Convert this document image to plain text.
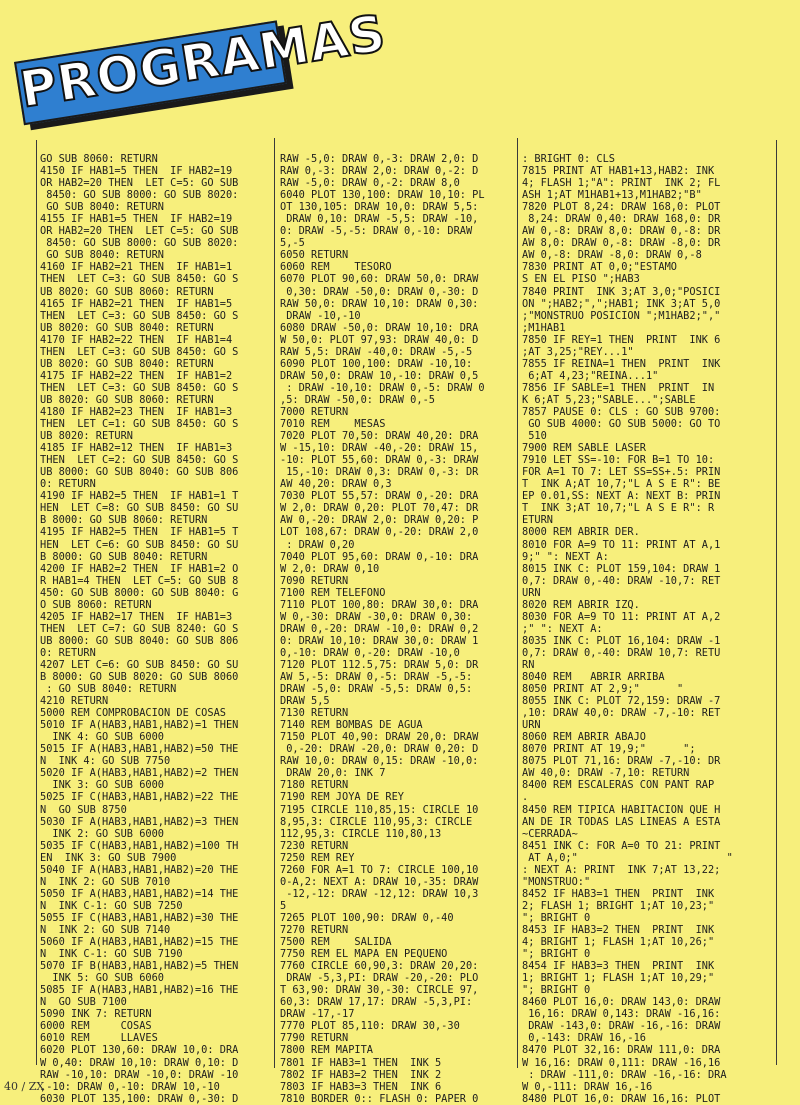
PROGRAMAS
GO SUB 8060: RETURN
4150 IF HAB1=5 THEN  IF HAB2=19
OR HAB2=20 THEN  LET C=5: GO SUB
8450: GO SUB 8000: GO SUB 8020:
GO SUB 8040: RETURN
4155 IF HAB1=5 THEN  IF HAB2=19
OR HAB2=20 THEN  LET C=5: GO SUB
8450: GO SUB 8000: GO SUB 8020:
GO SUB 8040: RETURN
4160 IF HAB2=21 THEN  IF HAB1=1
THEN  LET C=3: GO SUB 8450: GO S
UB 8020: GO SUB 8060: RETURN
4165 IF HAB2=21 THEN  IF HAB1=5
THEN  LET C=3: GO SUB 8450: GO S
UB 8020: GO SUB 8040: RETURN
4170 IF HAB2=22 THEN  IF HAB1=4
THEN  LET C=3: GO SUB 8450: GO S
UB 8020: GO SUB 8040: RETURN
4175 IF HAB2=22 THEN  IF HAB1=2
THEN  LET C=3: GO SUB 8450: GO S
UB 8020: GO SUB 8060: RETURN
4180 IF HAB2=23 THEN  IF HAB1=3
THEN  LET C=1: GO SUB 8450: GO S
UB 8020: RETURN
4185 IF HAB2=12 THEN  IF HAB1=3
THEN  LET C=2: GO SUB 8450: GO S
UB 8000: GO SUB 8040: GO SUB 806
0: RETURN
4190 IF HAB2=5 THEN  IF HAB1=1 T
HEN  LET C=8: GO SUB 8450: GO SU
B 8000: GO SUB 8060: RETURN
4195 IF HAB2=5 THEN  IF HAB1=5 T
HEN  LET C=6: GO SUB 8450: GO SU
B 8000: GO SUB 8040: RETURN
4200 IF HAB2=2 THEN  IF HAB1=2 O
R HAB1=4 THEN  LET C=5: GO SUB 8
450: GO SUB 8000: GO SUB 8040: G
O SUB 8060: RETURN
4205 IF HAB2=17 THEN  IF HAB1=3
THEN  LET C=7: GO SUB 8240: GO S
UB 8000: GO SUB 8040: GO SUB 806
0: RETURN
4207 LET C=6: GO SUB 8450: GO SU
B 8000: GO SUB 8020: GO SUB 8060
: GO SUB 8040: RETURN
4210 RETURN
5000 REM COMPROBACION DE COSAS
5010 IF A(HAB3,HAB1,HAB2)=1 THEN
INK 4: GO SUB 6000
5015 IF A(HAB3,HAB1,HAB2)=50 THE
N  INK 4: GO SUB 7750
5020 IF A(HAB3,HAB1,HAB2)=2 THEN
INK 3: GO SUB 6000
5025 IF C(HAB3,HAB1,HAB2)=22 THE
N  GO SUB 8750
5030 IF A(HAB3,HAB1,HAB2)=3 THEN
INK 2: GO SUB 6000
5035 IF C(HAB3,HAB1,HAB2)=100 TH
EN  INK 3: GO SUB 7900
5040 IF A(HAB3,HAB1,HAB2)=20 THE
N  INK 2: GO SUB 7010
5050 IF A(HAB3,HAB1,HAB2)=14 THE
N  INK C-1: GO SUB 7250
5055 IF C(HAB3,HAB1,HAB2)=30 THE
N  INK 2: GO SUB 7140
5060 IF A(HAB3,HAB1,HAB2)=15 THE
N  INK C-1: GO SUB 7190
5070 IF B(HAB3,HAB1,HAB2)=5 THEN
INK 5: GO SUB 6060
5085 IF A(HAB3,HAB1,HAB2)=16 THE
N  GO SUB 7100
5090 INK 7: RETURN
6000 REM     COSAS
6010 REM     LLAVES
6020 PLOT 130,60: DRAW 10,0: DRA
W 0,40: DRAW 10,10: DRAW 0,10: D
RAW -10,10: DRAW -10,0: DRAW -10
,-10: DRAW 0,-10: DRAW 10,-10
6030 PLOT 135,100: DRAW 0,-30: D
RAW -5,0: DRAW 0,-3: DRAW 2,0: D
RAW 0,-3: DRAW 2,0: DRAW 0,-2: D
RAW -5,0: DRAW 0,-2: DRAW 8,0
6040 PLOT 130,100: DRAW 10,10: PL
OT 130,105: DRAW 10,0: DRAW 5,5:
DRAW 0,10: DRAW -5,5: DRAW -10,
0: DRAW -5,-5: DRAW 0,-10: DRAW
5,-5
6050 RETURN
6060 REM    TESORO
6070 PLOT 90,60: DRAW 50,0: DRAW
0,30: DRAW -50,0: DRAW 0,-30: D
RAW 50,0: DRAW 10,10: DRAW 0,30:
DRAW -10,-10
6080 DRAW -50,0: DRAW 10,10: DRA
W 50,0: PLOT 97,93: DRAW 40,0: D
RAW 5,5: DRAW -40,0: DRAW -5,-5
6090 PLOT 100,100: DRAW -10,10:
DRAW 50,0: DRAW 10,-10: DRAW 0,5
: DRAW -10,10: DRAW 0,-5: DRAW 0
,5: DRAW -50,0: DRAW 0,-5
7000 RETURN
7010 REM    MESAS
7020 PLOT 70,50: DRAW 40,20: DRA
W -15,10: DRAW -40,-20: DRAW 15,
-10: PLOT 55,60: DRAW 0,-3: DRAW
15,-10: DRAW 0,3: DRAW 0,-3: DR
AW 40,20: DRAW 0,3
7030 PLOT 55,57: DRAW 0,-20: DRA
W 2,0: DRAW 0,20: PLOT 70,47: DR
AW 0,-20: DRAW 2,0: DRAW 0,20: P
LOT 108,67: DRAW 0,-20: DRAW 2,0
: DRAW 0,20
7040 PLOT 95,60: DRAW 0,-10: DRA
W 2,0: DRAW 0,10
7090 RETURN
7100 REM TELEFONO
7110 PLOT 100,80: DRAW 30,0: DRA
W 0,-30: DRAW -30,0: DRAW 0,30:
DRAW 0,-20: DRAW -10,0: DRAW 0,2
0: DRAW 10,10: DRAW 30,0: DRAW 1
0,-10: DRAW 0,-20: DRAW -10,0
7120 PLOT 112.5,75: DRAW 5,0: DR
AW 5,-5: DRAW 0,-5: DRAW -5,-5:
DRAW -5,0: DRAW -5,5: DRAW 0,5:
DRAW 5,5
7130 RETURN
7140 REM BOMBAS DE AGUA
7150 PLOT 40,90: DRAW 20,0: DRAW
0,-20: DRAW -20,0: DRAW 0,20: D
RAW 10,0: DRAW 0,15: DRAW -10,0:
DRAW 20,0: INK 7
7180 RETURN
7190 REM JOYA DE REY
7195 CIRCLE 110,85,15: CIRCLE 10
8,95,3: CIRCLE 110,95,3: CIRCLE
112,95,3: CIRCLE 110,80,13
7230 RETURN
7250 REM REY
7260 FOR A=1 TO 7: CIRCLE 100,10
0-A,2: NEXT A: DRAW 10,-35: DRAW
-12,-12: DRAW -12,12: DRAW 10,3
5
7265 PLOT 100,90: DRAW 0,-40
7270 RETURN
7500 REM    SALIDA
7750 REM EL MAPA EN PEQUENO
7760 CIRCLE 60,90,3: DRAW 20,20:
DRAW -5,3,PI: DRAW -20,-20: PLO
T 63,90: DRAW 30,-30: CIRCLE 97,
60,3: DRAW 17,17: DRAW -5,3,PI:
DRAW -17,-17
7770 PLOT 85,110: DRAW 30,-30
7790 RETURN
7800 REM MAPITA
7801 IF HAB3=1 THEN  INK 5
7802 IF HAB3=2 THEN  INK 2
7803 IF HAB3=3 THEN  INK 6
7810 BORDER 0:: FLASH 0: PAPER 0
: BRIGHT 0: CLS
7815 PRINT AT HAB1+13,HAB2: INK
4; FLASH 1;"A": PRINT  INK 2; FL
ASH 1;AT M1HAB1+13,M1HAB2;"B"
7820 PLOT 8,24: DRAW 168,0: PLOT
8,24: DRAW 0,40: DRAW 168,0: DR
AW 0,-8: DRAW 8,0: DRAW 0,-8: DR
AW 8,0: DRAW 0,-8: DRAW -8,0: DR
AW 0,-8: DRAW -8,0: DRAW 0,-8
7830 PRINT AT 0,0;"ESTAMO
S EN EL PISO ";HAB3
7840 PRINT  INK 3;AT 3,0;"POSICI
ON ";HAB2;",";HAB1; INK 3;AT 5,0
;"MONSTRUO POSICION ";M1HAB2;","
;M1HAB1
7850 IF REY=1 THEN  PRINT  INK 6
;AT 3,25;"REY...1"
7855 IF REINA=1 THEN  PRINT  INK
6;AT 4,23;"REINA...1"
7856 IF SABLE=1 THEN  PRINT  IN
K 6;AT 5,23;"SABLE...";SABLE
7857 PAUSE 0: CLS : GO SUB 9700:
GO SUB 4000: GO SUB 5000: GO TO
510
7900 REM SABLE LASER
7910 LET SS=-10: FOR B=1 TO 10:
FOR A=1 TO 7: LET SS=SS+.5: PRIN
T  INK A;AT 10,7;"L A S E R": BE
EP 0.01,SS: NEXT A: NEXT B: PRIN
T  INK 3;AT 10,7;"L A S E R": R
ETURN
8000 REM ABRIR DER.
8010 FOR A=9 TO 11: PRINT AT A,1
9;" ": NEXT A:
8015 INK C: PLOT 159,104: DRAW 1
0,7: DRAW 0,-40: DRAW -10,7: RET
URN
8020 REM ABRIR IZQ.
8030 FOR A=9 TO 11: PRINT AT A,2
;" ": NEXT A:
8035 INK C: PLOT 16,104: DRAW -1
0,7: DRAW 0,-40: DRAW 10,7: RETU
RN
8040 REM   ABRIR ARRIBA
8050 PRINT AT 2,9;"      "
8055 INK C: PLOT 72,159: DRAW -7
,10: DRAW 40,0: DRAW -7,-10: RET
URN
8060 REM ABRIR ABAJO
8070 PRINT AT 19,9;"      ";
8075 PLOT 71,16: DRAW -7,-10: DR
AW 40,0: DRAW -7,10: RETURN
8400 REM ESCALERAS CON PANT RAP
.
8450 REM TIPICA HABITACION QUE H
AN DE IR TODAS LAS LINEAS A ESTA
~CERRADA~
8451 INK C: FOR A=0 TO 21: PRINT
AT A,0;"                        "
: NEXT A: PRINT  INK 7;AT 13,22;
"MONSTRUO:"
8452 IF HAB3=1 THEN  PRINT  INK
2; FLASH 1; BRIGHT 1;AT 10,23;"
"; BRIGHT 0
8453 IF HAB3=2 THEN  PRINT  INK
4; BRIGHT 1; FLASH 1;AT 10,26;"
"; BRIGHT 0
8454 IF HAB3=3 THEN  PRINT  INK
1; BRIGHT 1; FLASH 1;AT 10,29;"
"; BRIGHT 0
8460 PLOT 16,0: DRAW 143,0: DRAW
16,16: DRAW 0,143: DRAW -16,16:
DRAW -143,0: DRAW -16,-16: DRAW
0,-143: DRAW 16,-16
8470 PLOT 32,16: DRAW 111,0: DRA
W 16,16: DRAW 0,111: DRAW -16,16
: DRAW -111,0: DRAW -16,-16: DRA
W 0,-111: DRAW 16,-16
8480 PLOT 16,0: DRAW 16,16: PLOT
40 / ZX
